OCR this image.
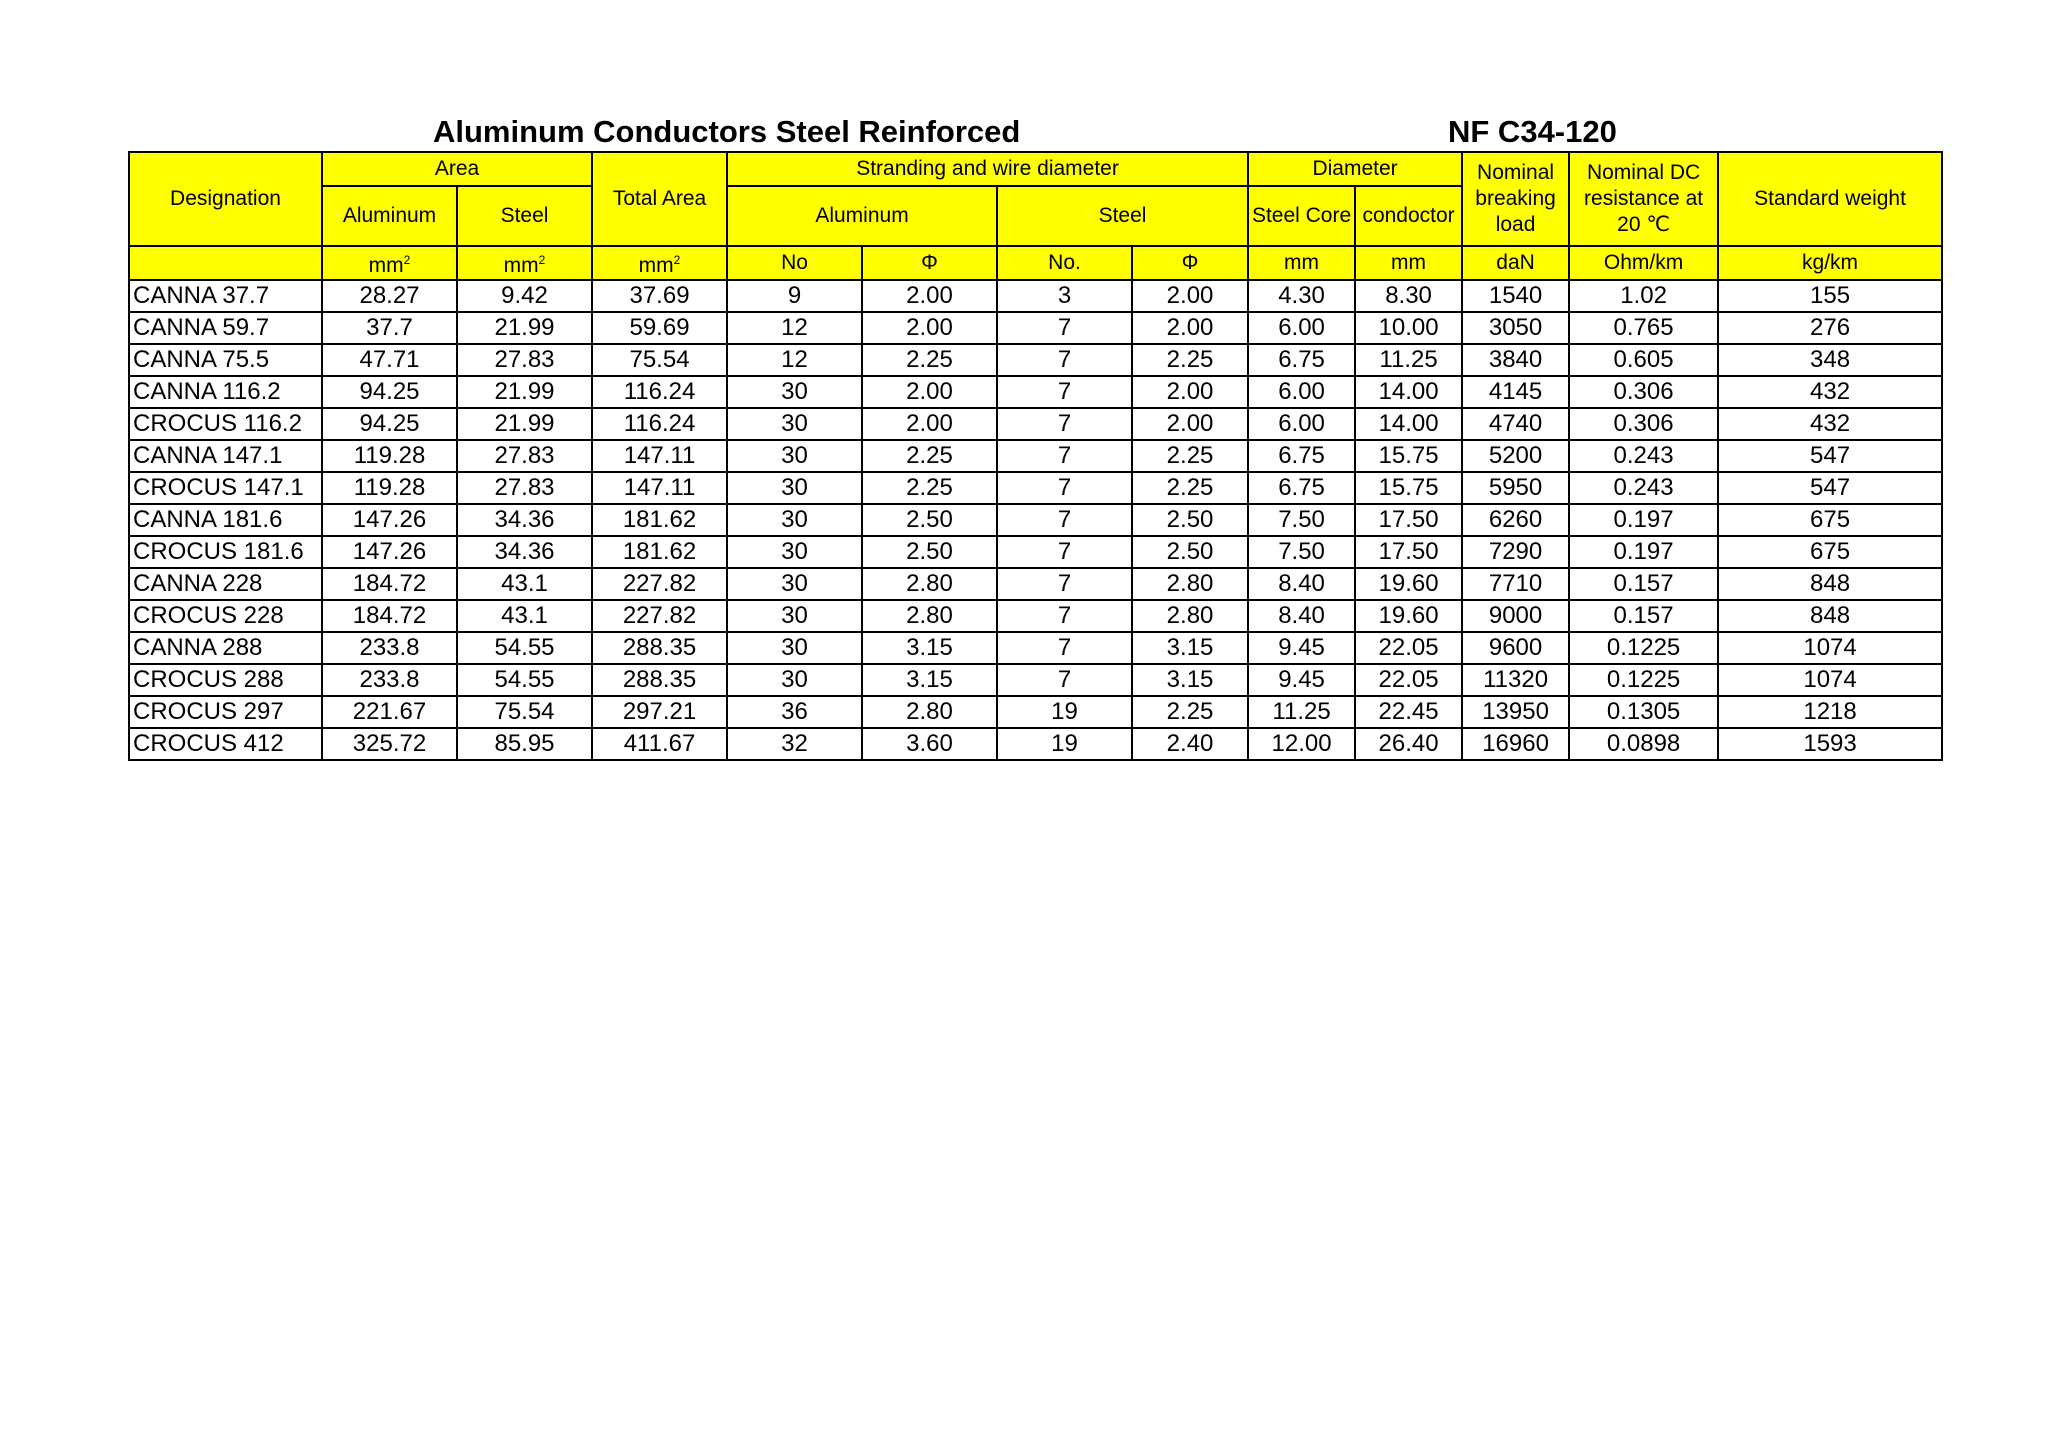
Aluminum Conductors Steel Reinforced	NF C34-120
Designation	Area		Total Area	Stranding and wire diameter				Diameter		Nominal breaking load	Nominal DC resistance at 20 ℃	Standard weight
	Aluminum	Steel		Aluminum		Steel		Steel Core	condoctor			
	$mm^2$	$mm^2$	$mm^2$	No	Φ	No.	Φ	mm	mm	daN	Ohm/km	kg/km
CANNA 37.7	28.27	9.42	37.69	9	2.00	3	2.00	4.30	8.30	1540	1.02	155
CANNA 59.7	37.7	21.99	59.69	12	2.00	7	2.00	6.00	10.00	3050	0.765	276
CANNA 75.5	47.71	27.83	75.54	12	2.25	7	2.25	6.75	11.25	3840	0.605	348
CANNA 116.2	94.25	21.99	116.24	30	2.00	7	2.00	6.00	14.00	4145	0.306	432
CROCUS 116.2	94.25	21.99	116.24	30	2.00	7	2.00	6.00	14.00	4740	0.306	432
CANNA 147.1	119.28	27.83	147.11	30	2.25	7	2.25	6.75	15.75	5200	0.243	547
CROCUS 147.1	119.28	27.83	147.11	30	2.25	7	2.25	6.75	15.75	5950	0.243	547
CANNA 181.6	147.26	34.36	181.62	30	2.50	7	2.50	7.50	17.50	6260	0.197	675
CROCUS 181.6	147.26	34.36	181.62	30	2.50	7	2.50	7.50	17.50	7290	0.197	675
CANNA 228	184.72	43.1	227.82	30	2.80	7	2.80	8.40	19.60	7710	0.157	848
CROCUS 228	184.72	43.1	227.82	30	2.80	7	2.80	8.40	19.60	9000	0.157	848
CANNA 288	233.8	54.55	288.35	30	3.15	7	3.15	9.45	22.05	9600	0.1225	1074
CROCUS 288	233.8	54.55	288.35	30	3.15	7	3.15	9.45	22.05	11320	0.1225	1074
CROCUS 297	221.67	75.54	297.21	36	2.80	19	2.25	11.25	22.45	13950	0.1305	1218
CROCUS 412	325.72	85.95	411.67	32	3.60	19	2.40	12.00	26.40	16960	0.0898	1593
